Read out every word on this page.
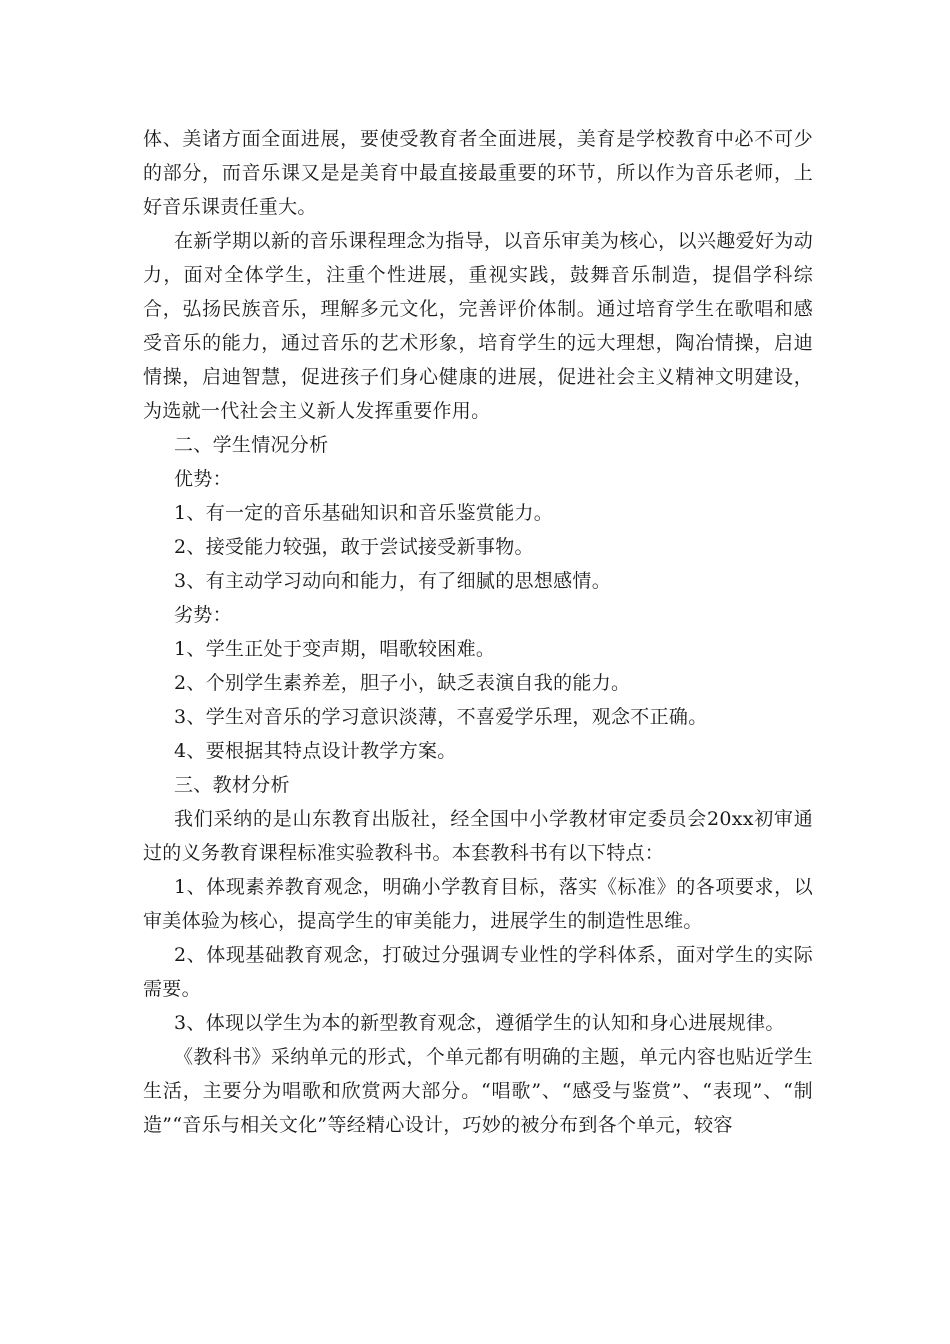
体、美诸方面全面进展，要使受教育者全面进展，美育是学校教育中必不可少的部分，而音乐课又是是美育中最直接最重要的环节，所以作为音乐老师，上好音乐课责任重大。

在新学期以新的音乐课程理念为指导，以音乐审美为核心，以兴趣爱好为动力，面对全体学生，注重个性进展，重视实践，鼓舞音乐制造，提倡学科综合，弘扬民族音乐，理解多元文化，完善评价体制。通过培育学生在歌唱和感受音乐的能力，通过音乐的艺术形象，培育学生的远大理想，陶冶情操，启迪情操，启迪智慧，促进孩子们身心健康的进展，促进社会主义精神文明建设，为选就一代社会主义新人发挥重要作用。

二、学生情况分析

优势：

1、有一定的音乐基础知识和音乐鉴赏能力。

2、接受能力较强，敢于尝试接受新事物。

3、有主动学习动向和能力，有了细腻的思想感情。

劣势：

1、学生正处于变声期，唱歌较困难。

2、个别学生素养差，胆子小，缺乏表演自我的能力。

3、学生对音乐的学习意识淡薄，不喜爱学乐理，观念不正确。

4、要根据其特点设计教学方案。

三、教材分析

我们采纳的是山东教育出版社，经全国中小学教材审定委员会20xx初审通过的义务教育课程标准实验教科书。本套教科书有以下特点：

1、体现素养教育观念，明确小学教育目标，落实《标准》的各项要求，以审美体验为核心，提高学生的审美能力，进展学生的制造性思维。

2、体现基础教育观念，打破过分强调专业性的学科体系，面对学生的实际需要。

3、体现以学生为本的新型教育观念，遵循学生的认知和身心进展规律。

《教科书》采纳单元的形式，个单元都有明确的主题，单元内容也贴近学生生活，主要分为唱歌和欣赏两大部分。“唱歌”、“感受与鉴赏”、“表现”、“制造”“音乐与相关文化”等经精心设计，巧妙的被分布到各个单元，较容
